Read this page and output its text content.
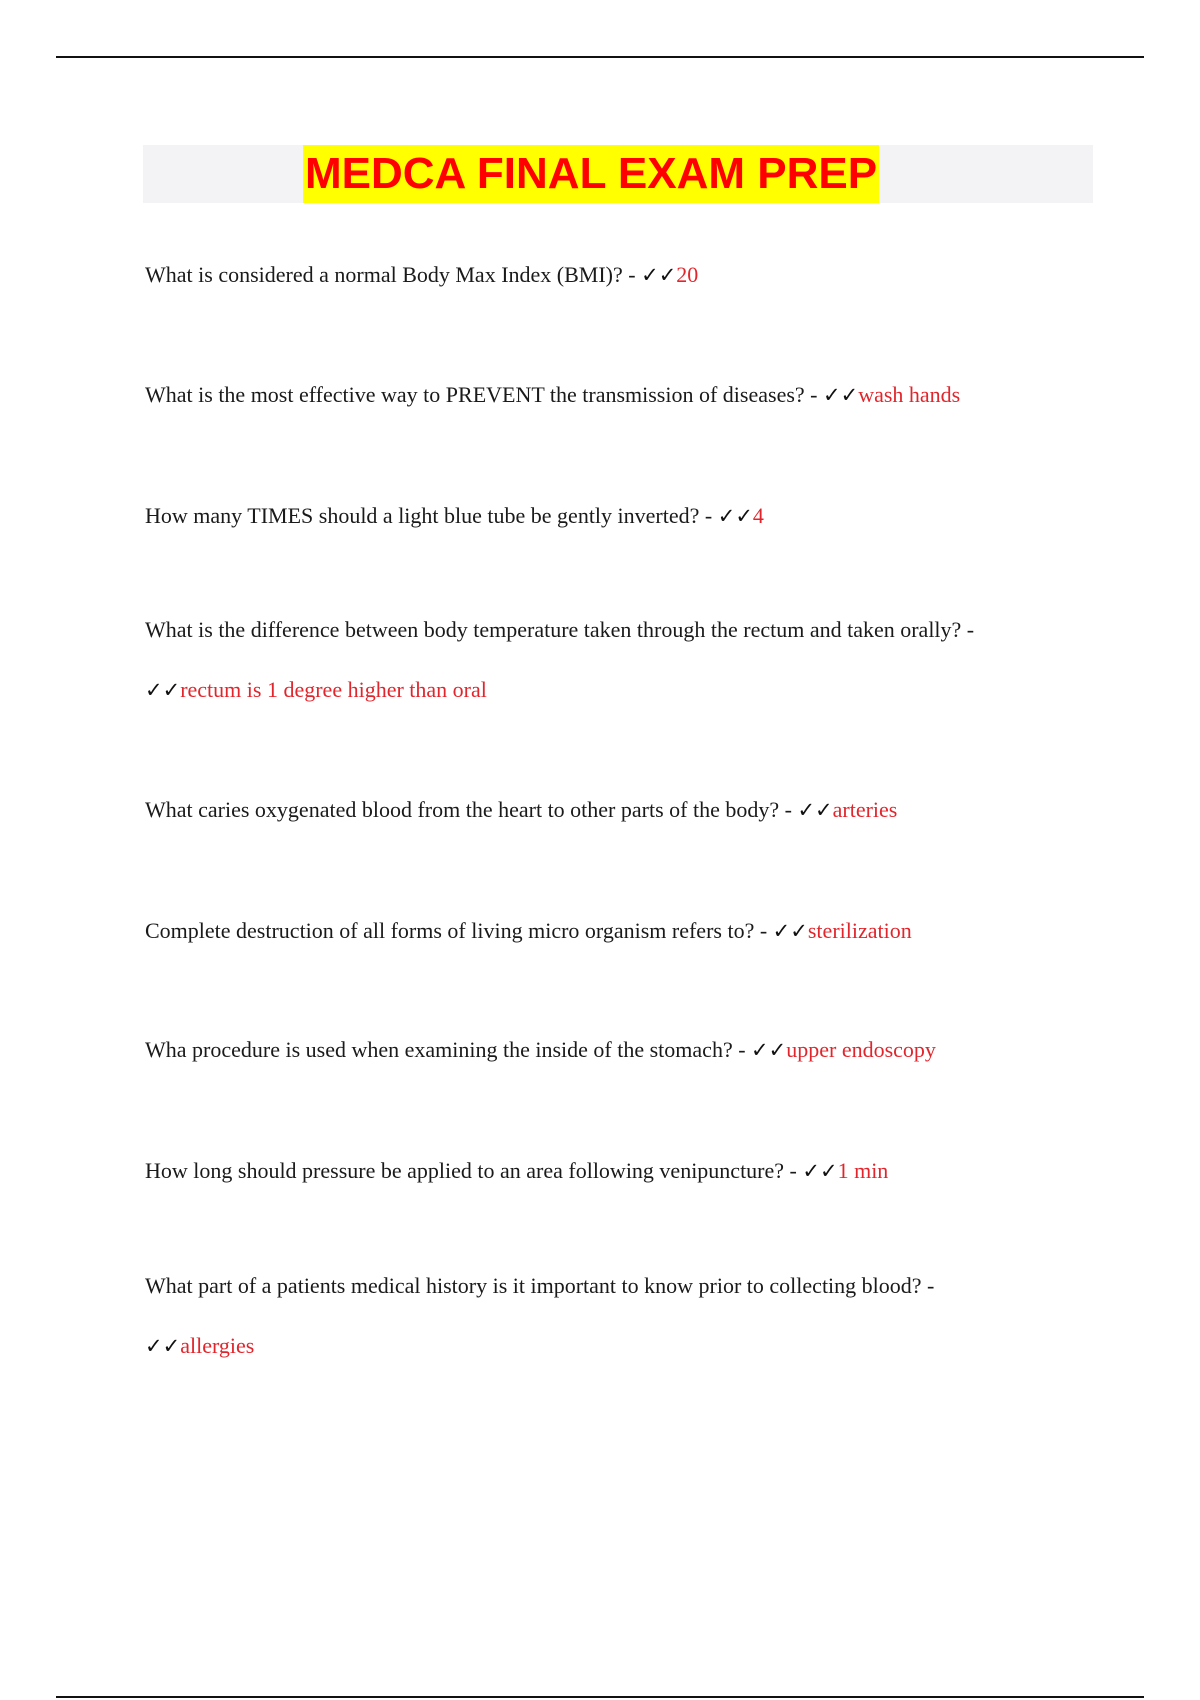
MEDCA FINAL EXAM PREP
What is considered a normal Body Max Index (BMI)? - ✓✓20
What is the most effective way to PREVENT the transmission of diseases? - ✓✓wash hands
How many TIMES should a light blue tube be gently inverted? - ✓✓4
What is the difference between body temperature taken through the rectum and taken orally? -
✓✓rectum is 1 degree higher than oral
What caries oxygenated blood from the heart to other parts of the body? - ✓✓arteries
Complete destruction of all forms of living micro organism refers to? - ✓✓sterilization
Wha procedure is used when examining the inside of the stomach? - ✓✓upper endoscopy
How long should pressure be applied to an area following venipuncture? - ✓✓1 min
What part of a patients medical history is it important to know prior to collecting blood? -
✓✓allergies
